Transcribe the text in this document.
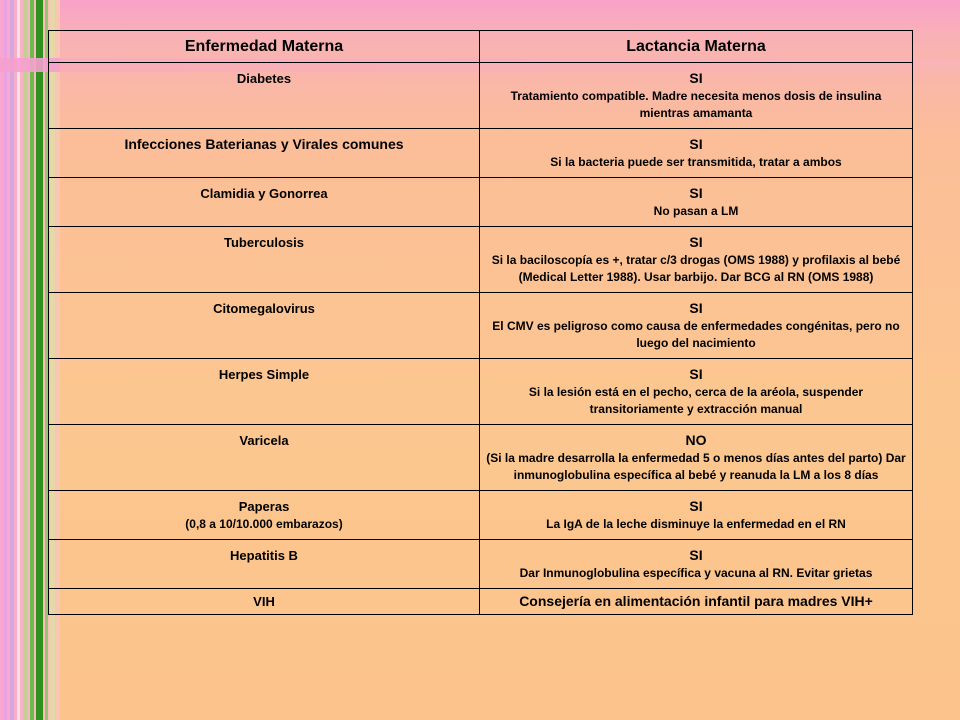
Enfermedad Materna	Lactancia Materna
Diabetes	SI
Tratamiento compatible. Madre necesita menos dosis de insulina mientras amamanta

Infecciones Baterianas y Virales comunes	SI
Si la bacteria puede ser transmitida, tratar a ambos

Clamidia y Gonorrea	SI
No pasan a LM

Tuberculosis	SI
Si la baciloscopía es +, tratar c/3 drogas (OMS 1988) y profilaxis al bebé (Medical Letter 1988). Usar barbijo. Dar BCG al RN (OMS 1988)

Citomegalovirus	SI
El CMV es peligroso como causa de enfermedades congénitas, pero no luego del nacimiento

Herpes Simple	SI
Si la lesión está en el pecho, cerca de la aréola, suspender transitoriamente y extracción manual

Varicela	NO
(Si la madre desarrolla la enfermedad 5 o menos días antes del parto) Dar inmunoglobulina específica al bebé y reanuda la LM a los 8 días

Paperas
(0,8 a 10/10.000 embarazos)	SI
La IgA de la leche disminuye la enfermedad en el RN

Hepatitis B	SI
Dar Inmunoglobulina específica y vacuna al RN. Evitar grietas

VIH	Consejería en alimentación infantil para madres VIH+
